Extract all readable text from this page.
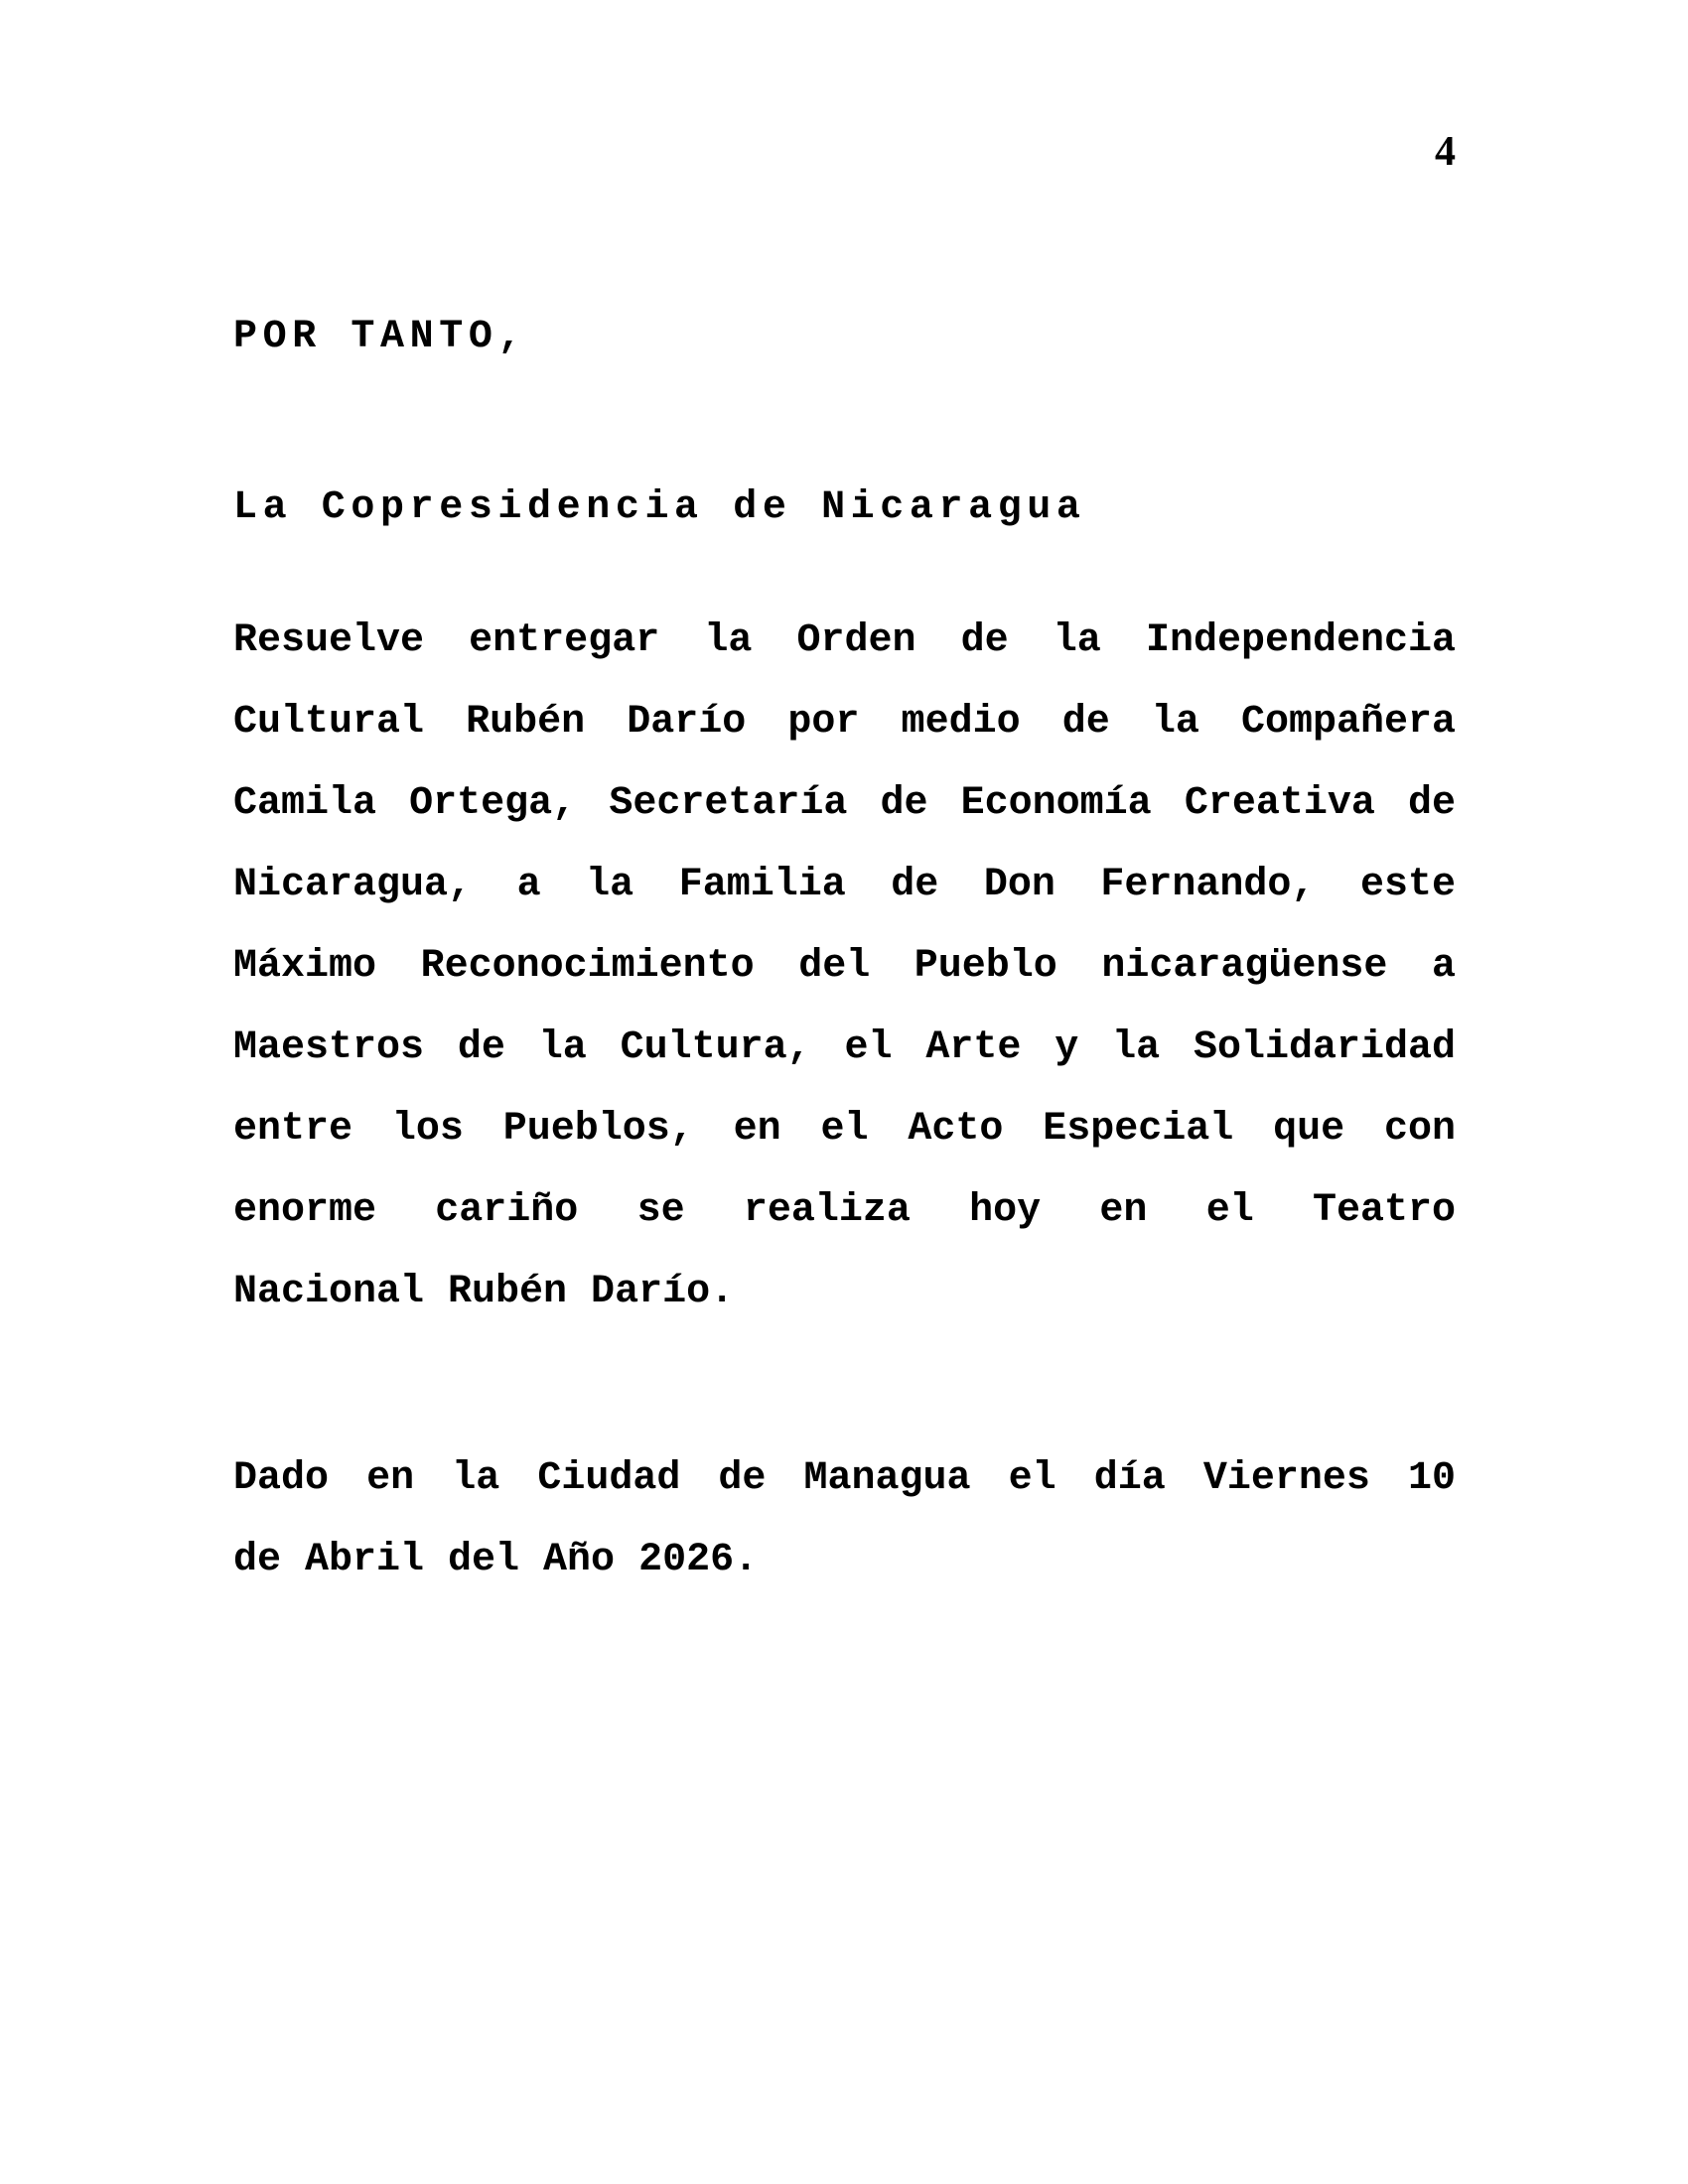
4
POR TANTO,
La Copresidencia de Nicaragua
Resuelve entregar la Orden de la Independencia
Cultural Rubén Darío por medio de la Compañera
Camila Ortega, Secretaría de Economía Creativa de
Nicaragua, a la Familia de Don Fernando, este
Máximo Reconocimiento del Pueblo nicaragüense a
Maestros de la Cultura, el Arte y la Solidaridad
entre los Pueblos, en el Acto Especial que con
enorme cariño se realiza hoy en el Teatro
Nacional Rubén Darío.
Dado en la Ciudad de Managua el día Viernes 10
de Abril del Año 2026.
